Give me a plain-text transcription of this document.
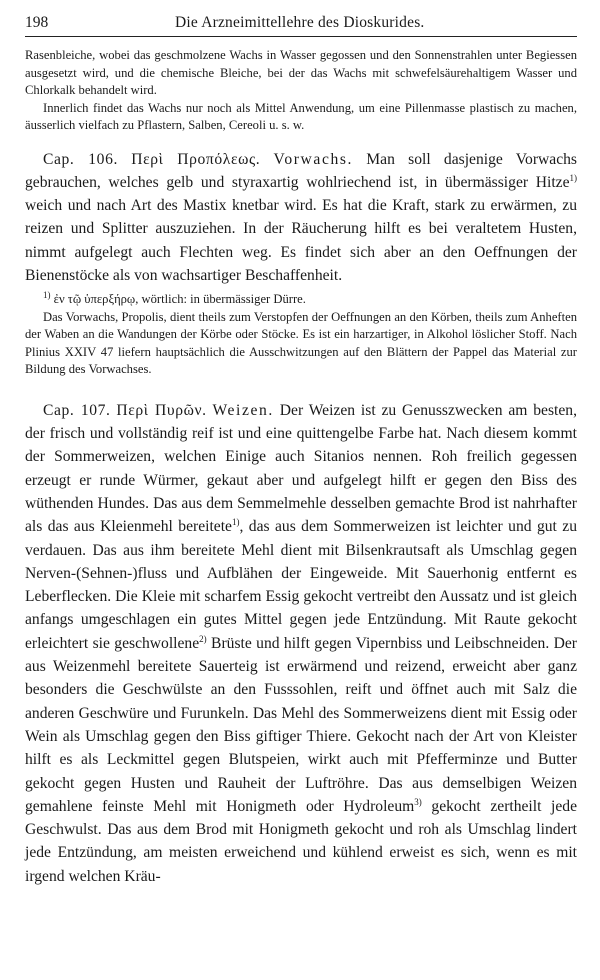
198	Die Arzneimittellehre des Dioskurides.

Rasenbleiche, wobei das geschmolzene Wachs in Wasser gegossen und den Sonnenstrahlen unter Begiessen ausgesetzt wird, und die chemische Bleiche, bei der das Wachs mit schwefelsäurehaltigem Wasser und Chlorkalk behandelt wird.

Innerlich findet das Wachs nur noch als Mittel Anwendung, um eine Pillenmasse plastisch zu machen, äusserlich vielfach zu Pflastern, Salben, Cereoli u. s. w.

Cap. 106. Περὶ Προπόλεως. Vorwachs. Man soll dasjenige Vorwachs gebrauchen, welches gelb und styraxartig wohlriechend ist, in übermässiger Hitze$^{1)}$ weich und nach Art des Mastix knetbar wird. Es hat die Kraft, stark zu erwärmen, zu reizen und Splitter auszuziehen. In der Räucherung hilft es bei veraltetem Husten, nimmt aufgelegt auch Flechten weg. Es findet sich aber an den Oeffnungen der Bienenstöcke als von wachsartiger Beschaffenheit.

$^{1)}$ ἐν τῷ ὑπερξήρῳ, wörtlich: in übermässiger Dürre.

Das Vorwachs, Propolis, dient theils zum Verstopfen der Oeffnungen an den Körben, theils zum Anheften der Waben an die Wandungen der Körbe oder Stöcke. Es ist ein harzartiger, in Alkohol löslicher Stoff. Nach Plinius XXIV 47 liefern hauptsächlich die Ausschwitzungen auf den Blättern der Pappel das Material zur Bildung des Vorwachses.

Cap. 107. Περὶ Πυρῶν. Weizen. Der Weizen ist zu Genusszwecken am besten, der frisch und vollständig reif ist und eine quittengelbe Farbe hat. Nach diesem kommt der Sommerweizen, welchen Einige auch Sitanios nennen. Roh freilich gegessen erzeugt er runde Würmer, gekaut aber und aufgelegt hilft er gegen den Biss des wüthenden Hundes. Das aus dem Semmelmehle desselben gemachte Brod ist nahrhafter als das aus Kleienmehl bereitete$^{1)}$, das aus dem Sommerweizen ist leichter und gut zu verdauen. Das aus ihm bereitete Mehl dient mit Bilsenkrautsaft als Umschlag gegen Nerven-(Sehnen-)fluss und Aufblähen der Eingeweide. Mit Sauerhonig entfernt es Leberflecken. Die Kleie mit scharfem Essig gekocht vertreibt den Aussatz und ist gleich anfangs umgeschlagen ein gutes Mittel gegen jede Entzündung. Mit Raute gekocht erleichtert sie geschwollene$^{2)}$ Brüste und hilft gegen Vipernbiss und Leibschneiden. Der aus Weizenmehl bereitete Sauerteig ist erwärmend und reizend, erweicht aber ganz besonders die Geschwülste an den Fusssohlen, reift und öffnet auch mit Salz die anderen Geschwüre und Furunkeln. Das Mehl des Sommerweizens dient mit Essig oder Wein als Umschlag gegen den Biss giftiger Thiere. Gekocht nach der Art von Kleister hilft es als Leckmittel gegen Blutspeien, wirkt auch mit Pfefferminze und Butter gekocht gegen Husten und Rauheit der Luftröhre. Das aus demselbigen Weizen gemahlene feinste Mehl mit Honigmeth oder Hydroleum$^{3)}$ gekocht zertheilt jede Geschwulst. Das aus dem Brod mit Honigmeth gekocht und roh als Umschlag lindert jede Entzündung, am meisten erweichend und kühlend erweist es sich, wenn es mit irgend welchen Kräu-
